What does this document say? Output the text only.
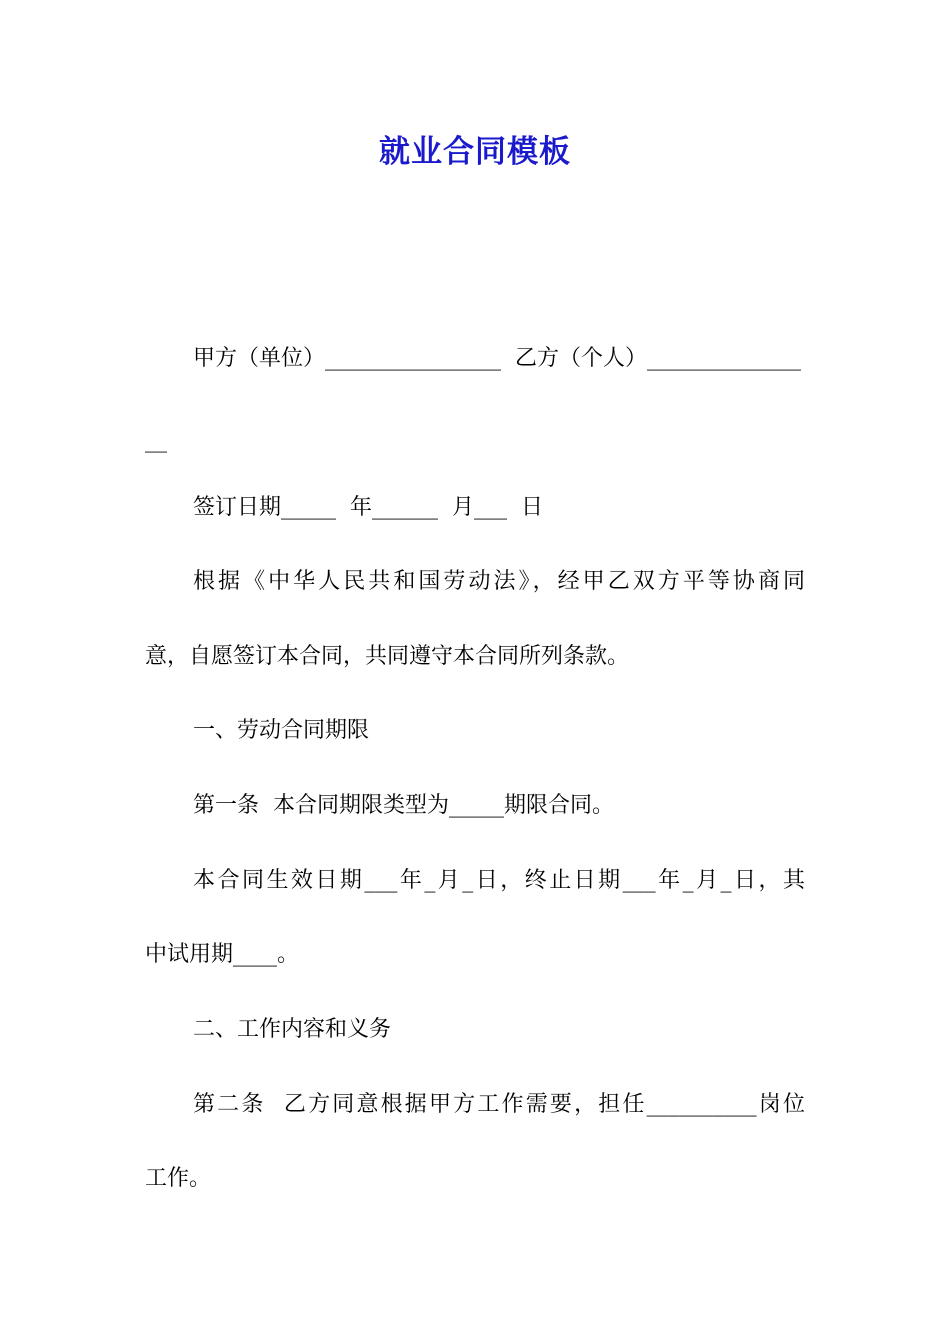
就业合同模板
甲方（单位）________________  乙方（个人）______________
__
签订日期_____  年______  月___  日
根据《中华人民共和国劳动法》，经甲乙双方平等协商同
意，自愿签订本合同，共同遵守本合同所列条款。
一、劳动合同期限
第一条  本合同期限类型为_____期限合同。
本合同生效日期___年_月_日，终止日期___年_月_日，其
中试用期____。
二、工作内容和义务
第二条  乙方同意根据甲方工作需要，担任__________岗位
工作。
